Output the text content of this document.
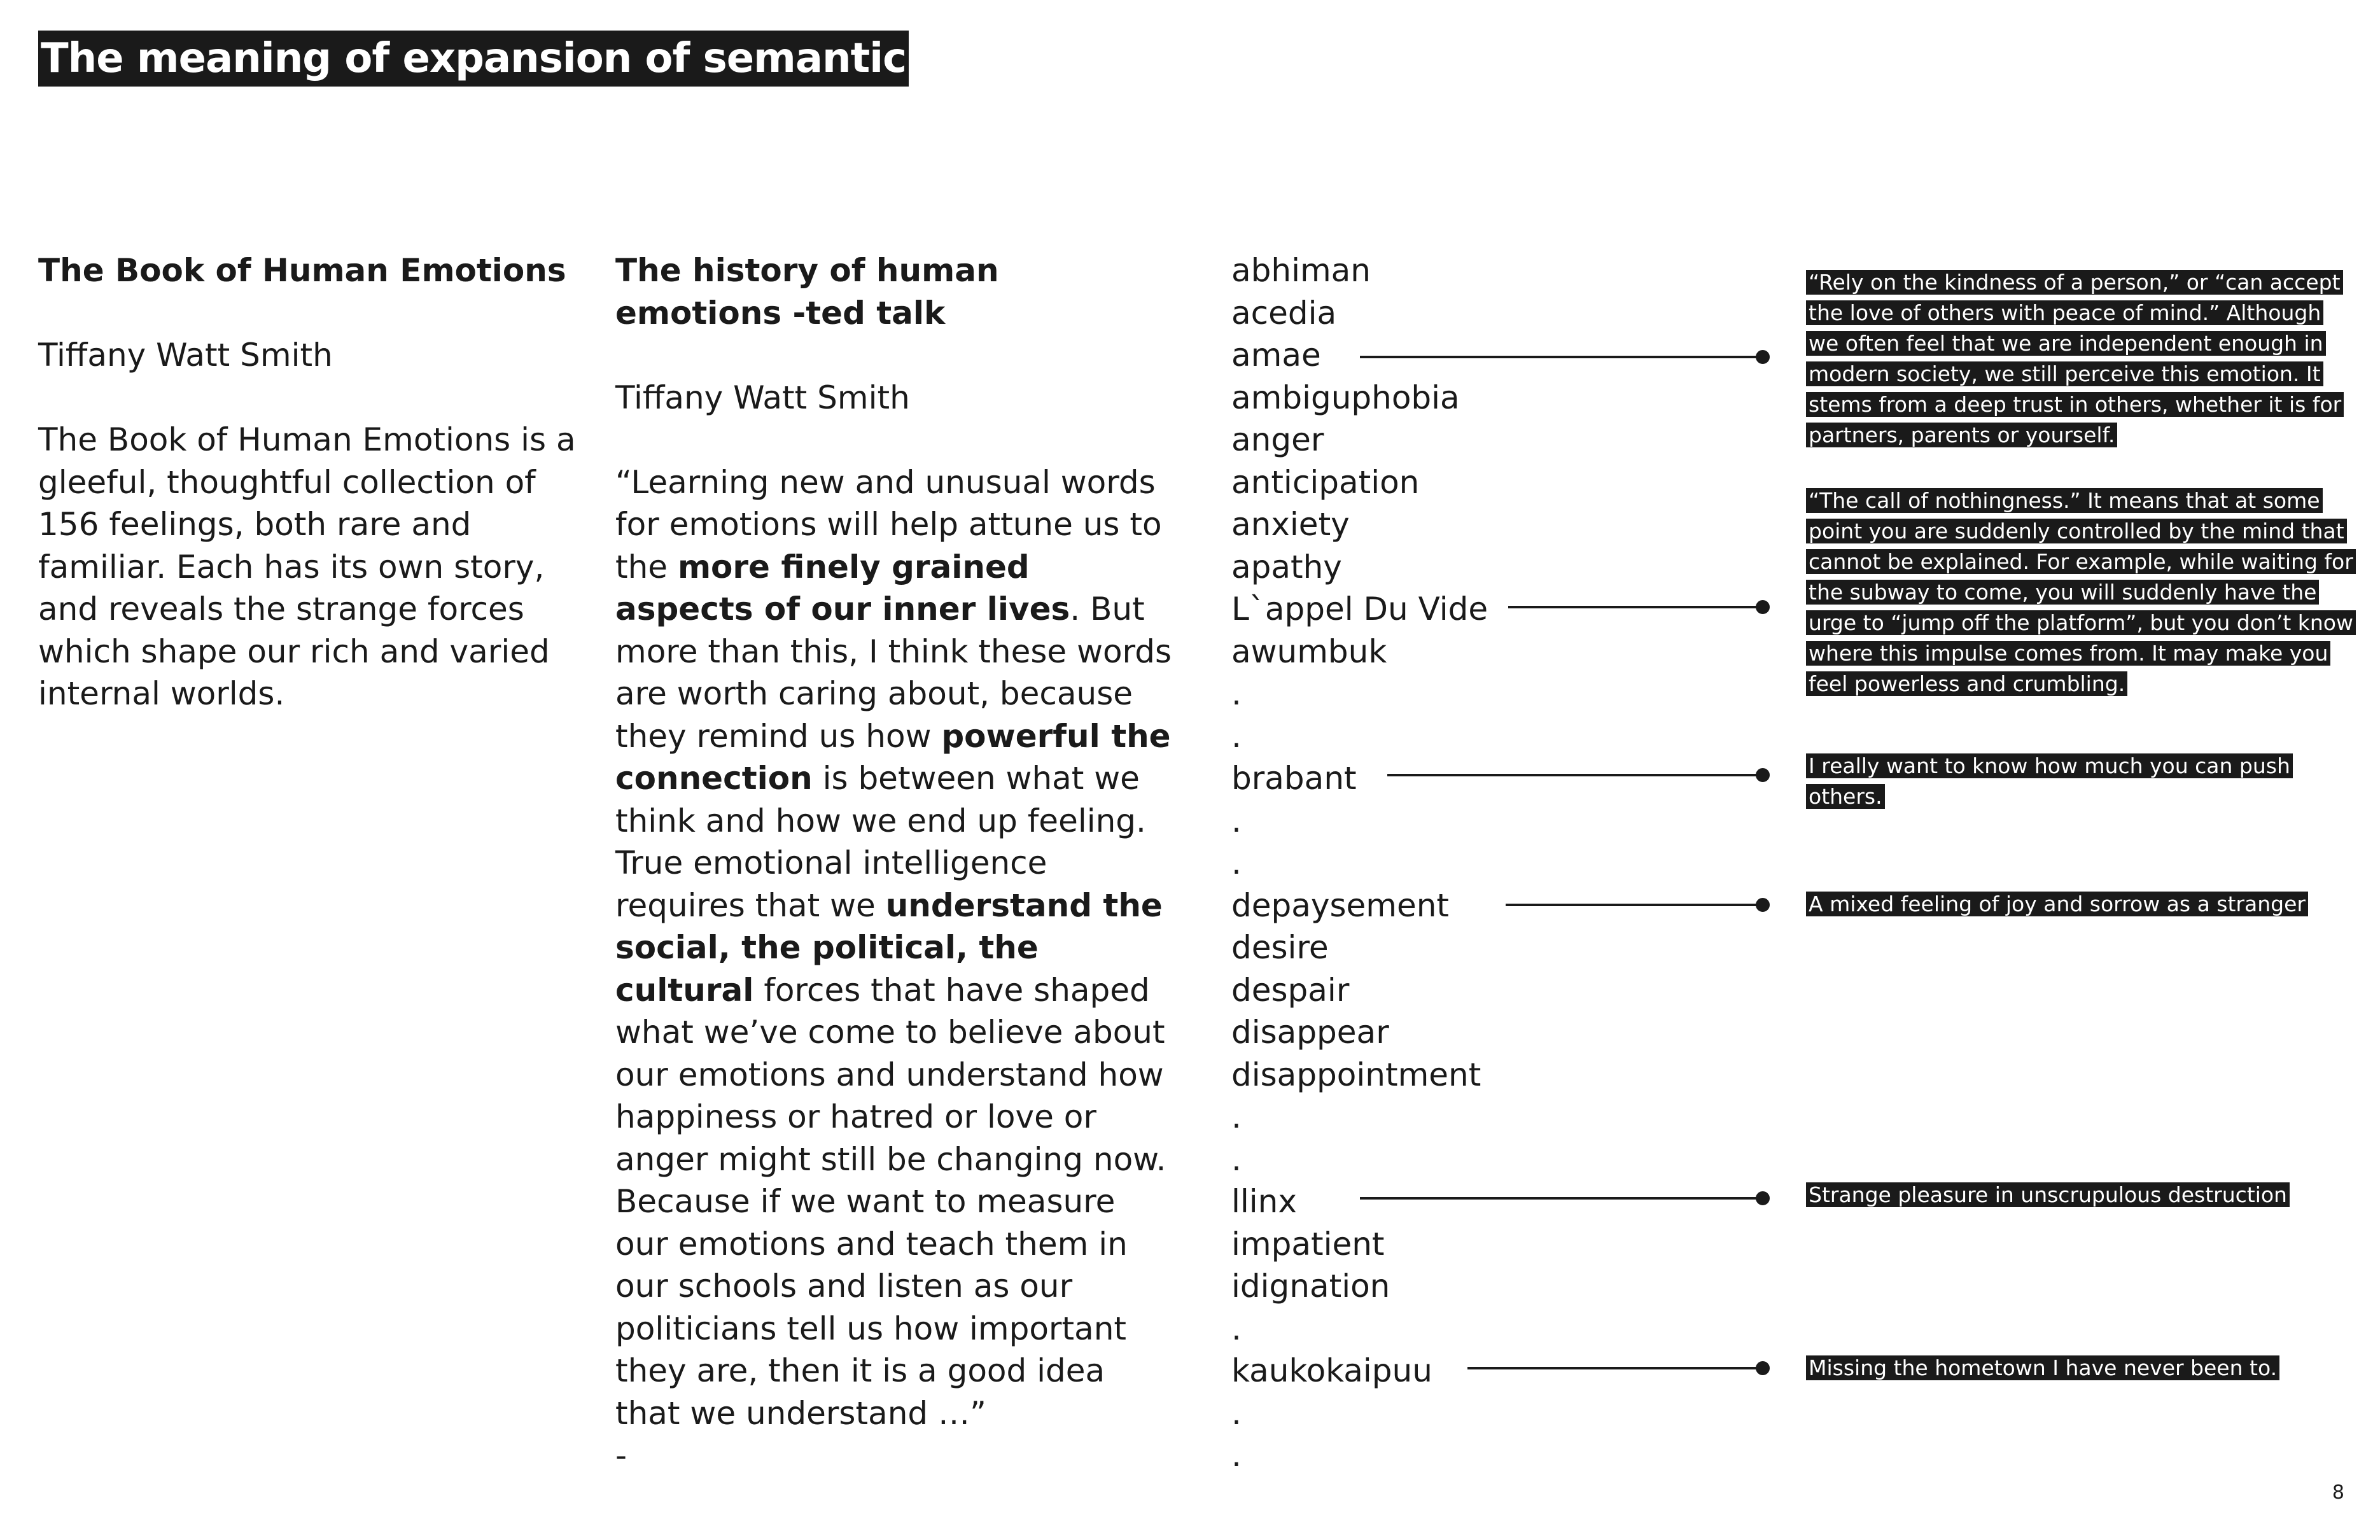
The meaning of expansion of semantic

The Book of Human Emotions

Tiffany Watt Smith

The Book of Human Emotions is a gleeful, thoughtful collection of 156 feelings, both rare and familiar. Each has its own story, and reveals the strange forces which shape our rich and varied internal worlds.

The history of human emotions -ted talk

Tiffany Watt Smith

“Learning new and unusual words for emotions will help attune us to the more finely grained aspects of our inner lives. But more than this, I think these words are worth caring about, because they remind us how powerful the connection is between what we think and how we end up feeling. True emotional intelligence requires that we understand the social, the political, the cultural forces that have shaped what we’ve come to believe about our emotions and understand how happiness or hatred or love or anger might still be changing now. Because if we want to measure our emotions and teach them in our schools and listen as our politicians tell us how important they are, then it is a good idea that we understand …”

-

abhiman
acedia
amae
ambiguphobia
anger
anticipation
anxiety
apathy
L`appel Du Vide
awumbuk
.
.
brabant
.
.
depaysement
desire
despair
disappear
disappointment
.
.
llinx
impatient
idignation
.
kaukokaipuu
.
.
“Rely on the kindness of a person,” or “can accept the love of others with peace of mind.” Although we often feel that we are independent enough in modern society, we still perceive this emotion. It stems from a deep trust in others, whether it is for partners, parents or yourself.
“The call of nothingness.” It means that at some point you are suddenly controlled by the mind that cannot be explained. For example, while waiting for the subway to come, you will suddenly have the urge to “jump off the platform”, but you don’t know where this impulse comes from. It may make you feel powerless and crumbling.
I really want to know how much you can push others.
A mixed feeling of joy and sorrow as a stranger
Strange pleasure in unscrupulous destruction
Missing the hometown I have never been to.
8
